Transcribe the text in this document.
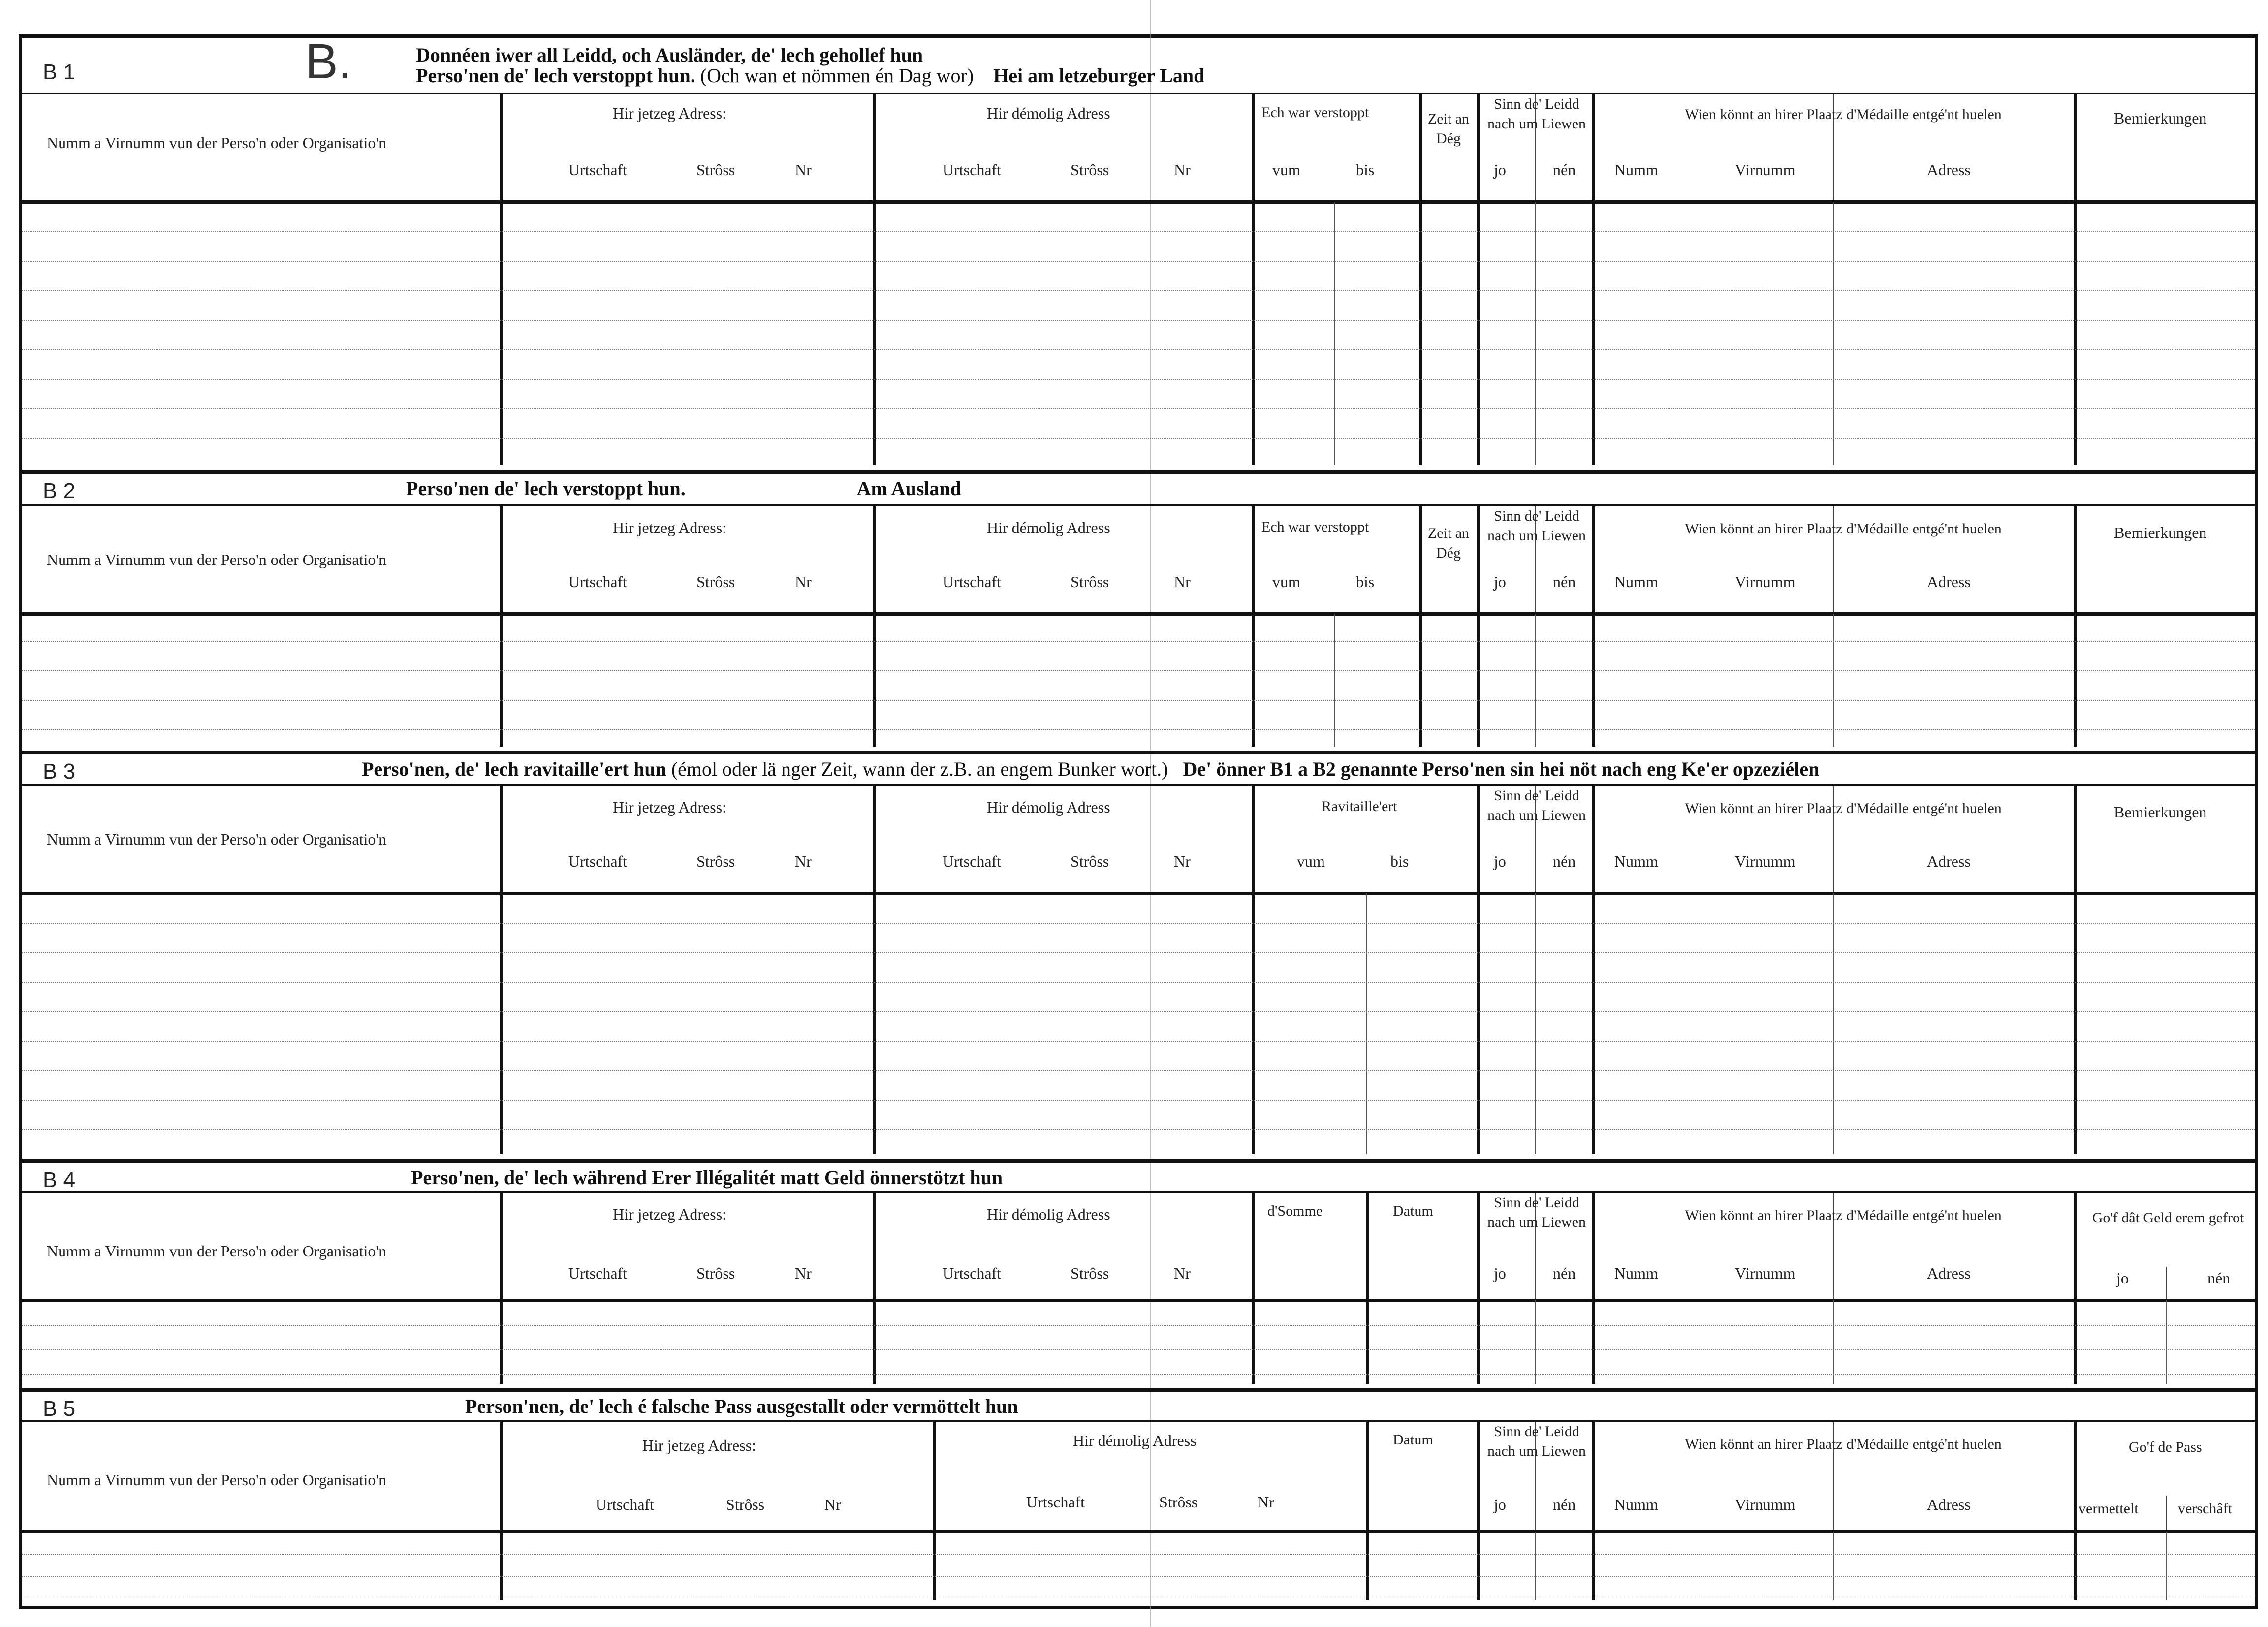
B 1	B.	Donnéen iwer all Leidd, och Ausländer, de' lech gehollef hun
Perso'nen de' lech verstoppt hun. (Och wan et nömmen én Dag wor) Hei am letzeburger Land
Numm a Virnumm vun der Perso'n oder Organisatio'n
Hir jetzeg Adress:
Urtschaft	Strôss	Nr
Hir démolig Adress
Urtschaft	Strôss	Nr
Ech war verstoppt
vum	bis
Zeit an Dég
Sinn de' Leidd nach um Liewen
jo	nén
Wien könnt an hirer Plaatz d'Médaille entgé'nt huelen
Numm	Virnumm	Adress
Bemierkungen
B 2	Perso'nen de' lech verstoppt hun.	Am Ausland
Numm a Virnumm vun der Perso'n oder Organisatio'n
Hir jetzeg Adress:
Urtschaft	Strôss	Nr
Hir démolig Adress
Urtschaft	Strôss	Nr
Ech war verstoppt
vum	bis
Zeit an Dég
Sinn de' Leidd nach um Liewen
jo	nén
Wien könnt an hirer Plaatz d'Médaille entgé'nt huelen
Numm	Virnumm	Adress
Bemierkungen
B 3	Perso'nen, de' lech ravitaille'ert hun (émol oder lä nger Zeit, wann der z.B. an engem Bunker wort.) De' önner B1 a B2 genannte Perso'nen sin hei nöt nach eng Ke'er opzeziélen
Numm a Virnumm vun der Perso'n oder Organisatio'n
Hir jetzeg Adress:
Urtschaft	Strôss	Nr
Hir démolig Adress
Urtschaft	Strôss	Nr
Ravitaille'ert
vum	bis
Sinn de' Leidd nach um Liewen
jo	nén
Wien könnt an hirer Plaatz d'Médaille entgé'nt huelen
Numm	Virnumm	Adress
Bemierkungen
B 4	Perso'nen, de' lech während Erer Illégalitét matt Geld önnerstötzt hun
Numm a Virnumm vun der Perso'n oder Organisatio'n
Hir jetzeg Adress:
Urtschaft	Strôss	Nr
Hir démolig Adress
Urtschaft	Strôss	Nr
d'Somme	Datum
Sinn de' Leidd nach um Liewen
jo	nén
Wien könnt an hirer Plaatz d'Médaille entgé'nt huelen
Numm	Virnumm	Adress
Go'f dât Geld erem gefrot
jo	nén
B 5	Person'nen, de' lech é falsche Pass ausgestallt oder vermöttelt hun
Numm a Virnumm vun der Perso'n oder Organisatio'n
Hir jetzeg Adress:
Urtschaft	Strôss	Nr
Hir démolig Adress
Urtschaft	Strôss	Nr
Datum
Sinn de' Leidd nach um Liewen
jo	nén
Wien könnt an hirer Plaatz d'Médaille entgé'nt huelen
Numm	Virnumm	Adress
Go'f de Pass
vermettelt	verschâft
